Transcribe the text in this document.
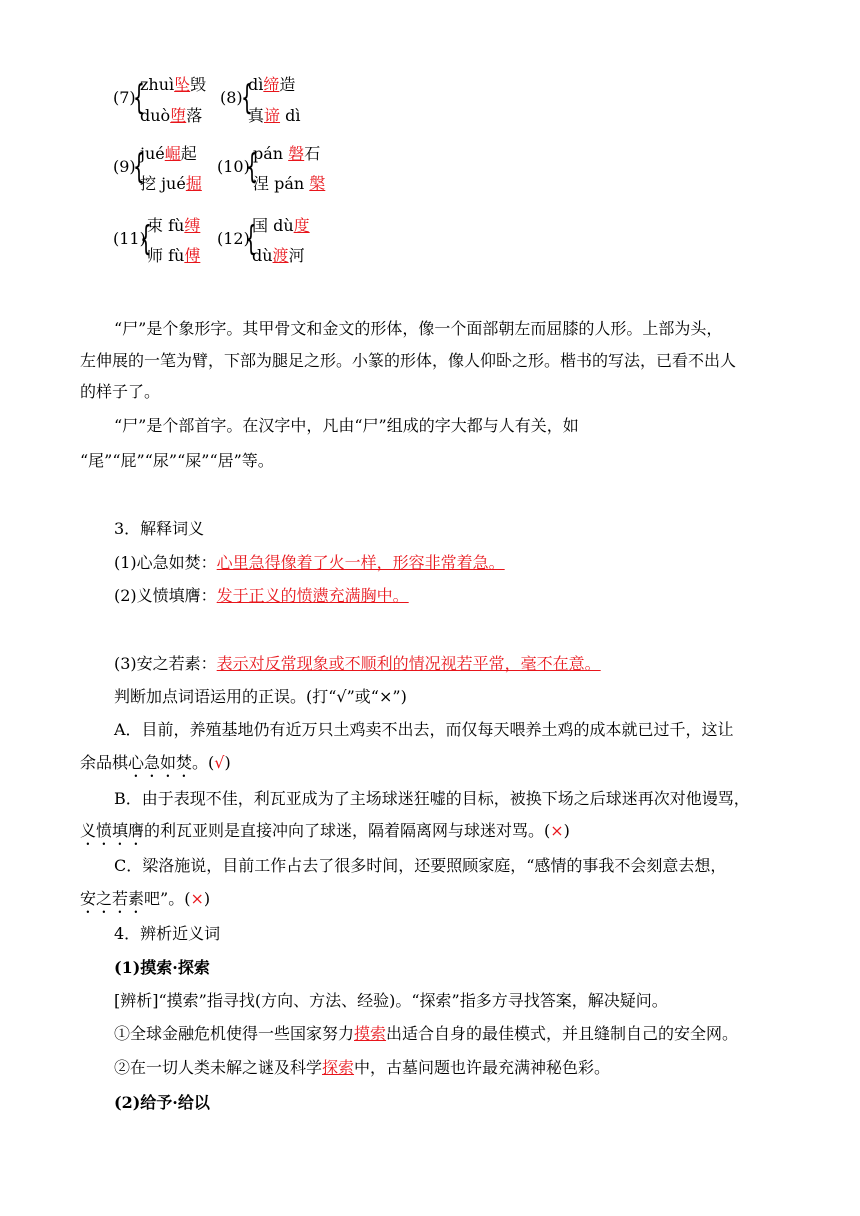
(7)
{
zhuì坠毁
duò堕落
(8)
{
dì缔造
真谛 dì
(9)
{
jué崛起
挖 jué掘
(10)
{
pán 磐石
涅 pán 槃
(11)
{
束 fù缚
师 fù傅
(12)
{
国 dù度
dù渡河
“尸”是个象形字。其甲骨文和金文的形体，像一个面部朝左而屈膝的人形。上部为头，
左伸展的一笔为臂，下部为腿足之形。小篆的形体，像人仰卧之形。楷书的写法，已看不出人
的样子了。
“尸”是个部首字。在汉字中，凡由“尸”组成的字大都与人有关，如
“尾”“屁”“尿”“屎”“居”等。
3．解释词义
(1)心急如焚：心里急得像着了火一样，形容非常着急。
(2)义愤填膺：发于正义的愤懑充满胸中。
(3)安之若素：表示对反常现象或不顺利的情况视若平常，毫不在意。
判断加点词语运用的正误。(打“√”或“×”)
A．目前，养殖基地仍有近万只土鸡卖不出去，而仅每天喂养土鸡的成本就已过千，这让
余品棋心急如焚。(√)
B．由于表现不佳，利瓦亚成为了主场球迷狂嘘的目标，被换下场之后球迷再次对他谩骂，
义愤填膺的利瓦亚则是直接冲向了球迷，隔着隔离网与球迷对骂。(×)
C．梁洛施说，目前工作占去了很多时间，还要照顾家庭，“感情的事我不会刻意去想，
安之若素吧”。(×)
4．辨析近义词
(1)摸索·探索
[辨析]“摸索”指寻找(方向、方法、经验)。“探索”指多方寻找答案，解决疑问。
①全球金融危机使得一些国家努力摸索出适合自身的最佳模式，并且缝制自己的安全网。
②在一切人类未解之谜及科学探索中，古墓问题也许最充满神秘色彩。
(2)给予·给以
